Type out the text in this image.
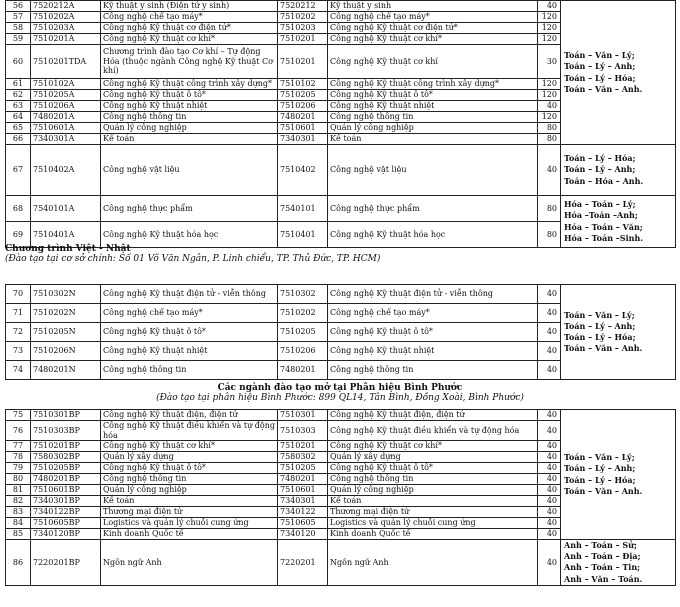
56	7520212A	Kỹ thuật y sinh (Điện tử y sinh)	7520212	Kỹ thuật y sinh	40	Toán – Văn – Lý;
Toán – Lý – Anh;
Toán – Lý – Hóa;
Toán – Văn – Anh.

57	7510202A	Công nghệ chế tạo máy*	7510202	Công nghệ chế tạo máy*	120	
58	7510203A	Công nghệ Kỹ thuật cơ điện tử*	7510203	Công nghệ Kỹ thuật cơ điện tử*	120	
59	7510201A	Công nghệ Kỹ thuật cơ khí*	7510201	Công nghệ Kỹ thuật cơ khí*	120	
60	7510201TDA	Chương trình đào tạo Cơ khí – Tự động Hóa (thuộc ngành Công nghệ Kỹ thuật Cơ khí)	7510201	Công nghệ Kỹ thuật cơ khí	30	
61	7510102A	Công nghệ Kỹ thuật công trình xây dựng*	7510102	Công nghệ Kỹ thuật công trình xây dựng*	120	
62	7510205A	Công nghệ Kỹ thuật ô tô*	7510205	Công nghệ Kỹ thuật ô tô*	120	
63	7510206A	Công nghệ Kỹ thuật nhiệt	7510206	Công nghệ Kỹ thuật nhiệt	40	
64	7480201A	Công nghệ thông tin	7480201	Công nghệ thông tin	120	
65	7510601A	Quản lý công nghiệp	7510601	Quản lý công nghiệp	80	
66	7340301A	Kế toán	7340301	Kế toán	80	
67	7510402A	Công nghệ vật liệu	7510402	Công nghệ vật liệu	40	Toán – Lý – Hóa;
Toán – Lý – Anh;
Toán – Hóa – Anh.

68	7540101A	Công nghệ thực phẩm	7540101	Công nghệ thực phẩm	80	Hóa – Toán – Lý;
Hóa –Toán –Anh;
Hóa – Toán – Văn;
Hóa – Toán –Sinh.

69	7510401A	Công nghệ Kỹ thuật hóa học	7510401	Công nghệ Kỹ thuật hóa học	80	
Chương trình Việt - Nhật
(Đào tạo tại cơ sở chính: Số 01 Võ Văn Ngân, P. Linh chiểu, TP. Thủ Đức, TP. HCM)
70	7510302N	Công nghệ Kỹ thuật điện tử - viễn thông	7510302	Công nghệ Kỹ thuật điện tử - viễn thông	40	Toán – Văn – Lý;
Toán – Lý – Anh;
Toán – Lý – Hóa;
Toán – Văn – Anh.

71	7510202N	Công nghệ chế tạo máy*	7510202	Công nghệ chế tạo máy*	40	
72	7510205N	Công nghệ Kỹ thuật ô tô*	7510205	Công nghệ Kỹ thuật ô tô*	40	
73	7510206N	Công nghệ Kỹ thuật nhiệt	7510206	Công nghệ Kỹ thuật nhiệt	40	
74	7480201N	Công nghệ thông tin	7480201	Công nghệ thông tin	40	
Các ngành đào tạo mở tại Phân hiệu Bình Phước
(Đào tạo tại phân hiệu Bình Phước: 899 QL14, Tân Bình, Đồng Xoài, Bình Phước)
75	7510301BP	Công nghệ Kỹ thuật điện, điện tử	7510301	Công nghệ Kỹ thuật điện, điện tử	40	Toán – Văn – Lý;
Toán – Lý – Anh;
Toán – Lý – Hóa;
Toán – Văn – Anh.

76	7510303BP	Công nghệ Kỹ thuật điều khiển và tự động hóa	7510303	Công nghệ Kỹ thuật điều khiển và tự động hóa	40	
77	7510201BP	Công nghệ Kỹ thuật cơ khí*	7510201	Công nghệ Kỹ thuật cơ khí*	40	
78	7580302BP	Quản lý xây dựng	7580302	Quản lý xây dựng	40	
79	7510205BP	Công nghệ Kỹ thuật ô tô*	7510205	Công nghệ Kỹ thuật ô tô*	40	
80	7480201BP	Công nghệ thông tin	7480201	Công nghệ thông tin	40	
81	7510601BP	Quản lý công nghiệp	7510601	Quản lý công nghiệp	40	
82	7340301BP	Kế toán	7340301	Kế toán	40	
83	7340122BP	Thương mại điện tử	7340122	Thương mại điện tử	40	
84	7510605BP	Logistics và quản lý chuỗi cung ứng	7510605	Logistics và quản lý chuỗi cung ứng	40	
85	7340120BP	Kinh doanh Quốc tế	7340120	Kinh doanh Quốc tế	40	
86	7220201BP	Ngôn ngữ Anh	7220201	Ngôn ngữ Anh	40	Anh – Toán – Sử;
Anh – Toán – Địa;
Anh – Toán – Tin;
Anh – Văn – Toán.
